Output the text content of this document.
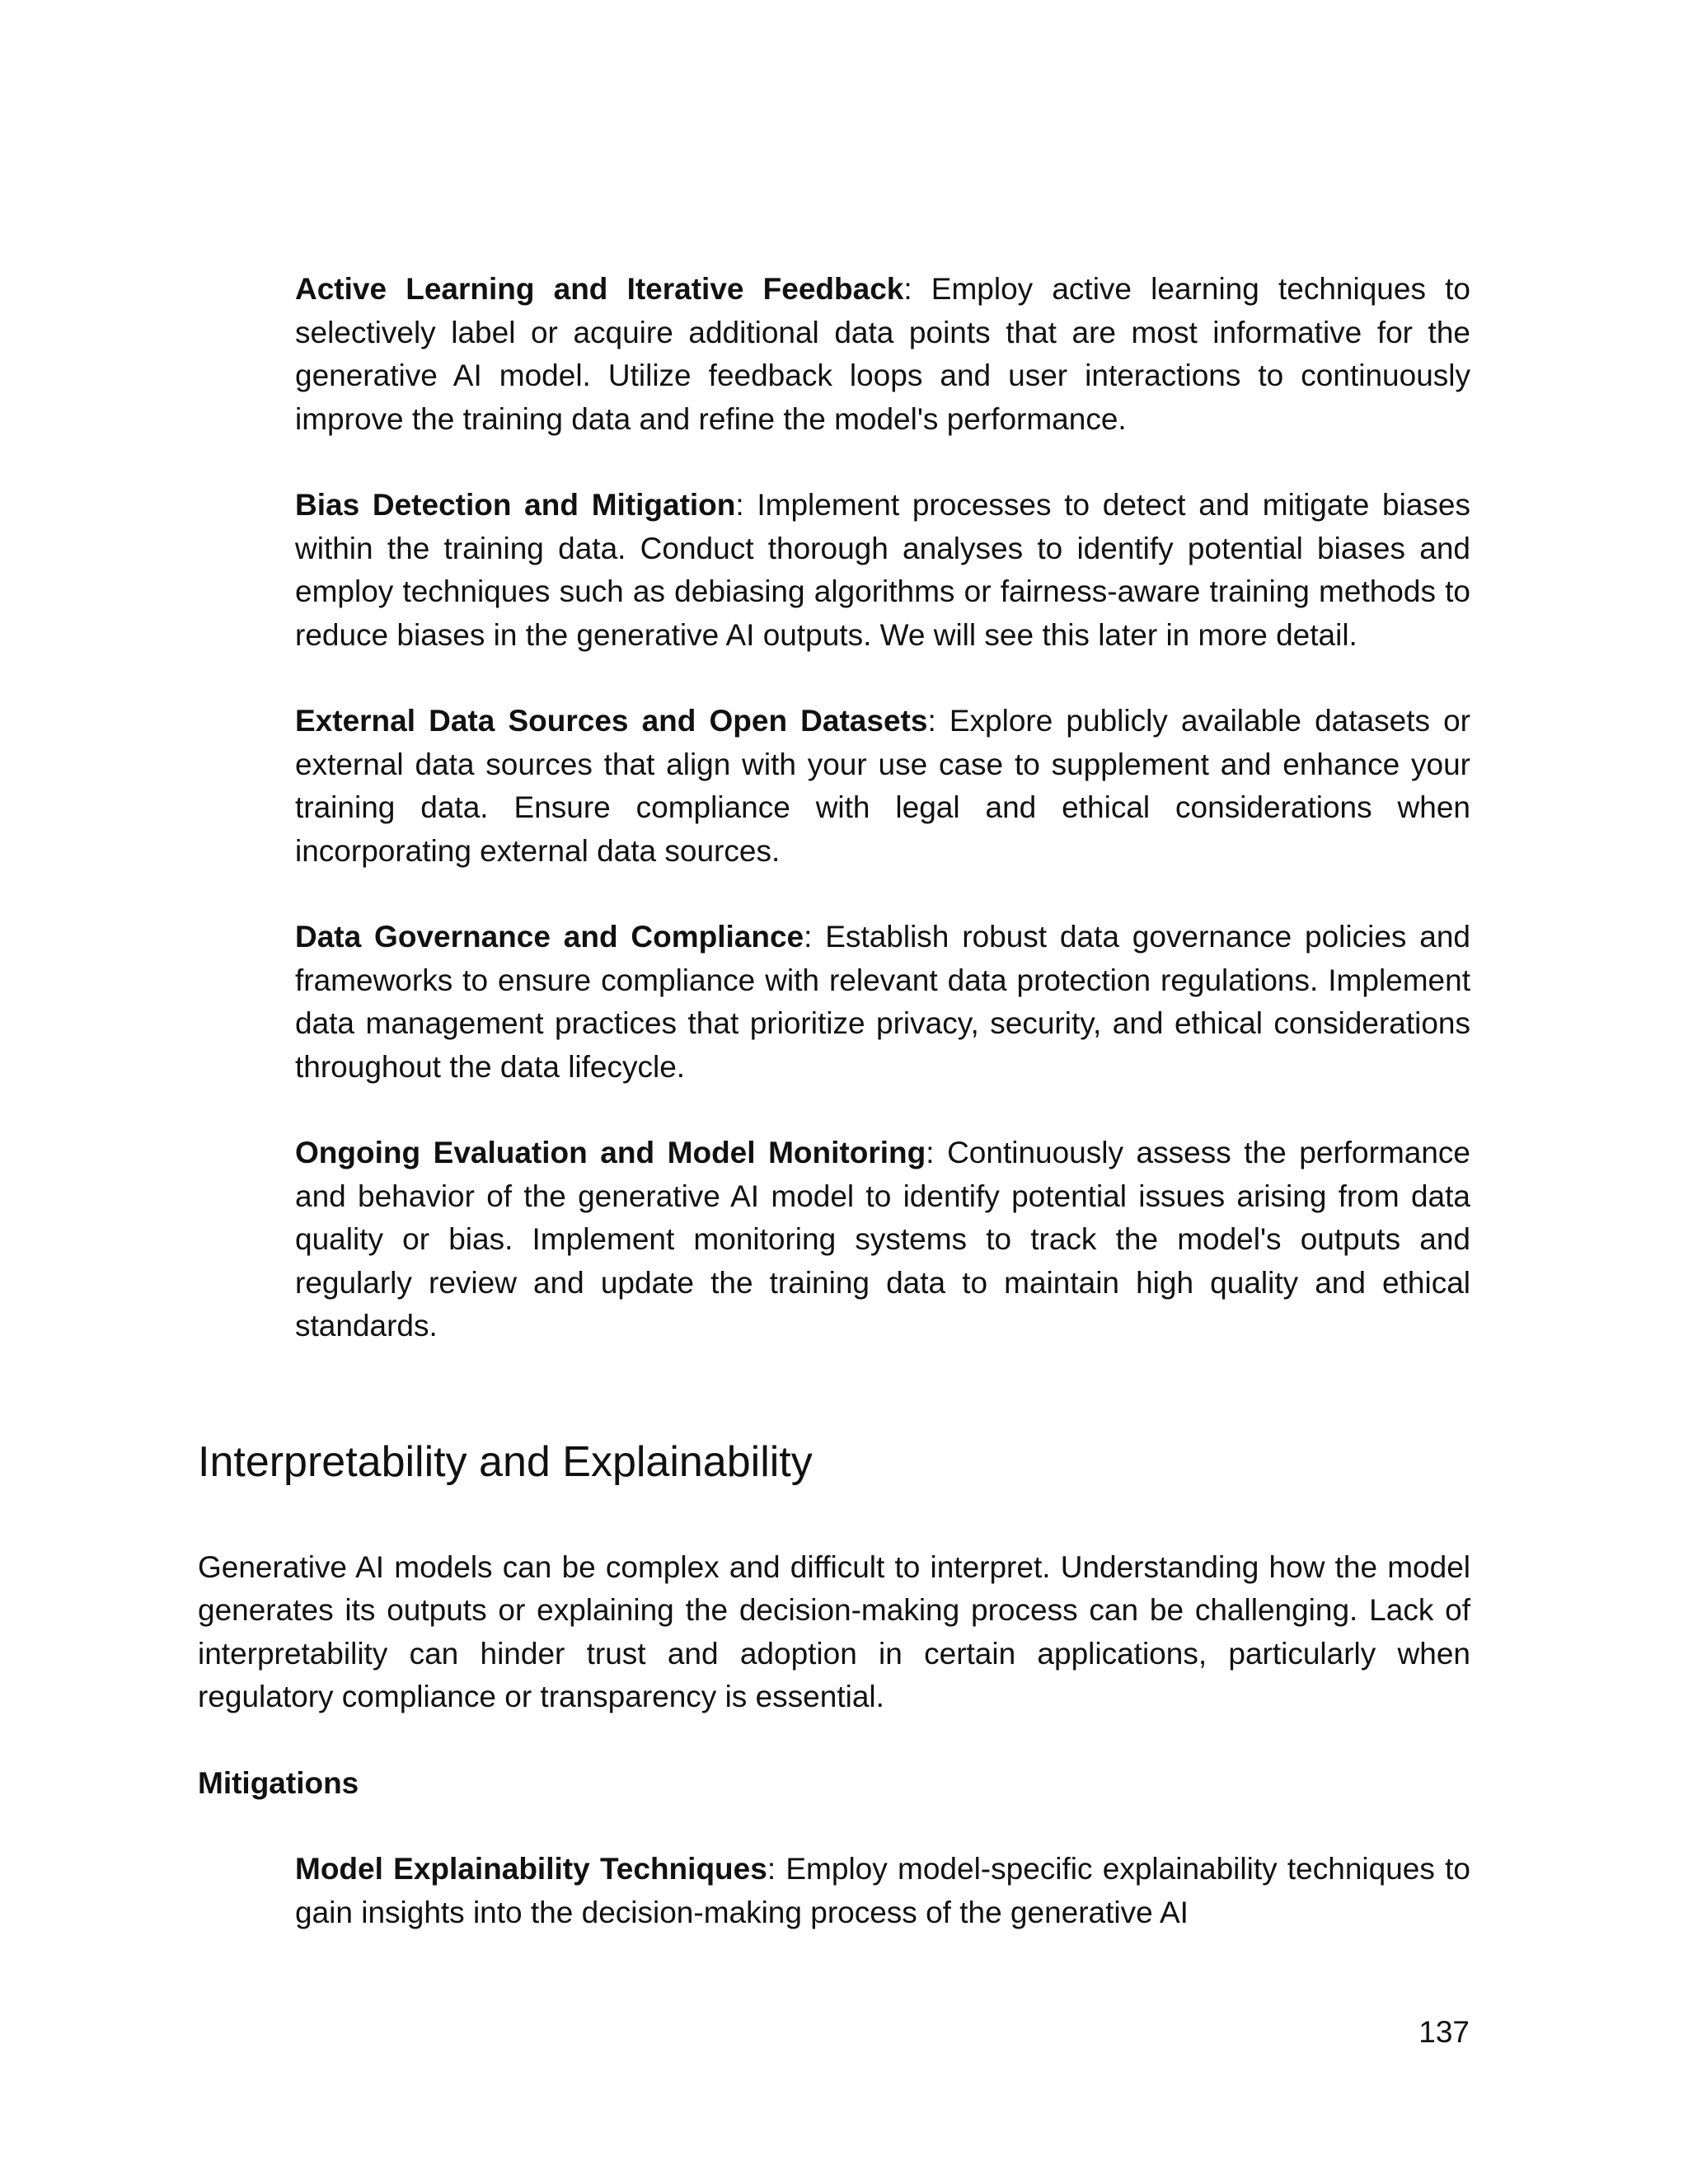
Active Learning and Iterative Feedback: Employ active learning techniques to selectively label or acquire additional data points that are most informative for the generative AI model. Utilize feedback loops and user interactions to continuously improve the training data and refine the model's performance.

Bias Detection and Mitigation: Implement processes to detect and mitigate biases within the training data. Conduct thorough analyses to identify potential biases and employ techniques such as debiasing algorithms or fairness-aware training methods to reduce biases in the generative AI outputs. We will see this later in more detail.

External Data Sources and Open Datasets: Explore publicly available datasets or external data sources that align with your use case to supplement and enhance your training data. Ensure compliance with legal and ethical considerations when incorporating external data sources.

Data Governance and Compliance: Establish robust data governance policies and frameworks to ensure compliance with relevant data protection regulations. Implement data management practices that prioritize privacy, security, and ethical considerations throughout the data lifecycle.

Ongoing Evaluation and Model Monitoring: Continuously assess the performance and behavior of the generative AI model to identify potential issues arising from data quality or bias. Implement monitoring systems to track the model's outputs and regularly review and update the training data to maintain high quality and ethical standards.

Interpretability and Explainability

Generative AI models can be complex and difficult to interpret. Understanding how the model generates its outputs or explaining the decision-making process can be challenging. Lack of interpretability can hinder trust and adoption in certain applications, particularly when regulatory compliance or transparency is essential.

Mitigations

Model Explainability Techniques: Employ model-specific explainability techniques to gain insights into the decision-making process of the generative AI

137
